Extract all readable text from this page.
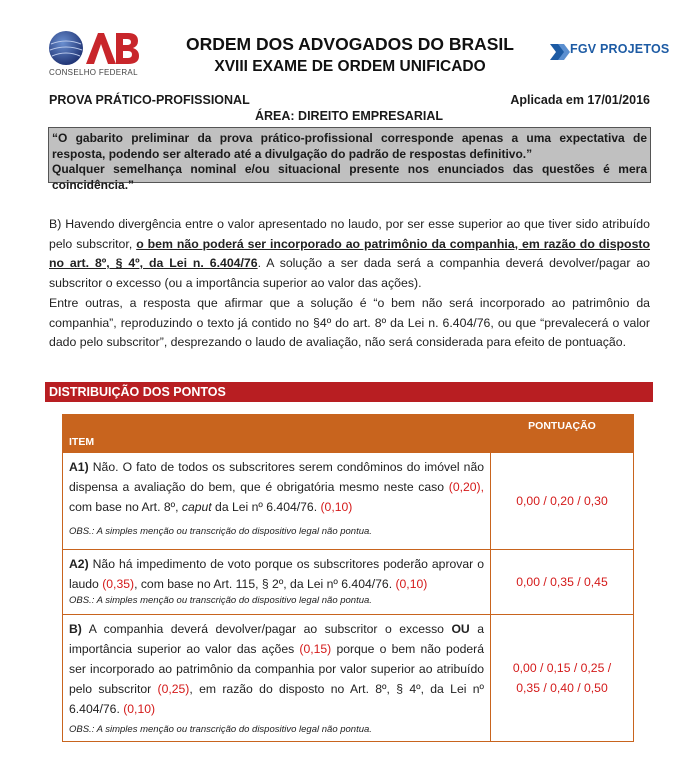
CONSELHO FEDERAL
ORDEM DOS ADVOGADOS DO BRASIL
XVIII EXAME DE ORDEM UNIFICADO
FGV PROJETOS
PROVA PRÁTICO-PROFISSIONAL	Aplicada em 17/01/2016
ÁREA: DIREITO EMPRESARIAL

“O gabarito preliminar da prova prático-profissional corresponde apenas a uma expectativa de resposta, podendo ser alterado até a divulgação do padrão de respostas definitivo.”

Qualquer semelhança nominal e/ou situacional presente nos enunciados das questões é mera coincidência.”

B) Havendo divergência entre o valor apresentado no laudo, por ser esse superior ao que tiver sido atribuído pelo subscritor, o bem não poderá ser incorporado ao patrimônio da companhia, em razão do disposto no art. 8º, § 4º, da Lei n. 6.404/76. A solução a ser dada será a companhia deverá devolver/pagar ao subscritor o excesso (ou a importância superior ao valor das ações).

Entre outras, a resposta que afirmar que a solução é “o bem não será incorporado ao patrimônio da companhia”, reproduzindo o texto já contido no §4º do art. 8º da Lei n. 6.404/76, ou que “prevalecerá o valor dado pelo subscritor”, desprezando o laudo de avaliação, não será considerada para efeito de pontuação.

DISTRIBUIÇÃO DOS PONTOS
ITEM	PONTUAÇÃO
A1) Não. O fato de todos os subscritores serem condôminos do imóvel não dispensa a avaliação do bem, que é obrigatória mesmo neste caso (0,20), com base no Art. 8º, caput da Lei nº 6.404/76. (0,10)
OBS.: A simples menção ou transcrição do dispositivo legal não pontua.	0,00 / 0,20 / 0,30
A2) Não há impedimento de voto porque os subscritores poderão aprovar o laudo (0,35), com base no Art. 115, § 2º, da Lei nº 6.404/76. (0,10)
OBS.: A simples menção ou transcrição do dispositivo legal não pontua.	0,00 / 0,35 / 0,45
B) A companhia deverá devolver/pagar ao subscritor o excesso OU a importância superior ao valor das ações (0,15) porque o bem não poderá ser incorporado ao patrimônio da companhia por valor superior ao atribuído pelo subscritor (0,25), em razão do disposto no Art. 8º, § 4º, da Lei nº 6.404/76. (0,10)
OBS.: A simples menção ou transcrição do dispositivo legal não pontua.	0,00 / 0,15 / 0,25 /
0,35 / 0,40 / 0,50
